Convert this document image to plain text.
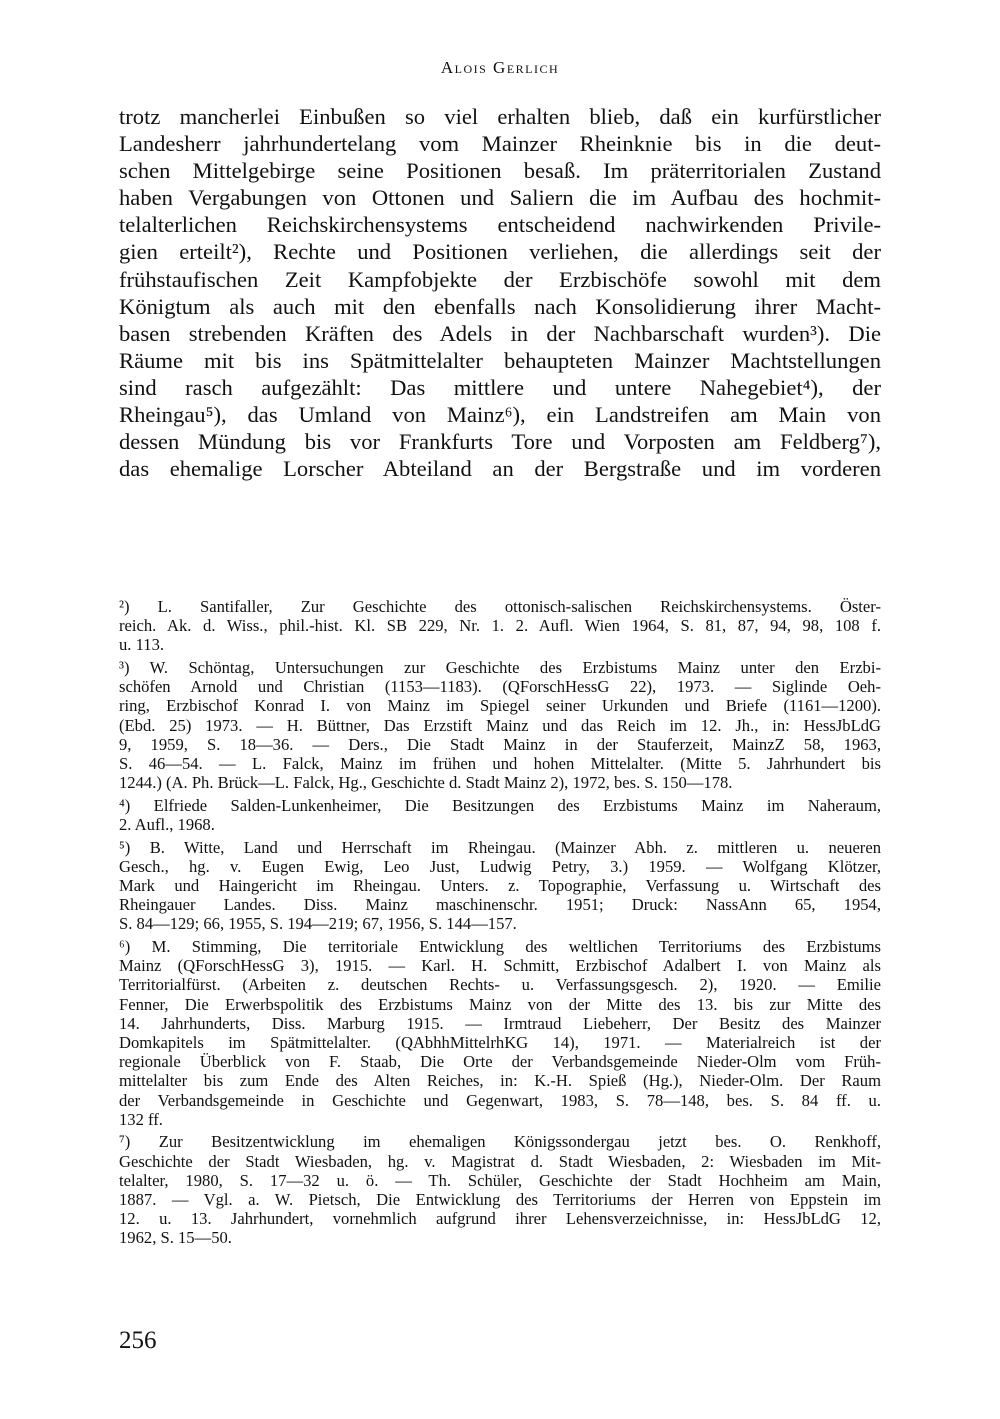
Alois Gerlich
trotz mancherlei Einbußen so viel erhalten blieb, daß ein kurfürstlicher
Landesherr jahrhundertelang vom Mainzer Rheinknie bis in die deut-
schen Mittelgebirge seine Positionen besaß. Im präterritorialen Zustand
haben Vergabungen von Ottonen und Saliern die im Aufbau des hochmit-
telalterlichen Reichskirchensystems entscheidend nachwirkenden Privile-
gien erteilt²), Rechte und Positionen verliehen, die allerdings seit der
frühstaufischen Zeit Kampfobjekte der Erzbischöfe sowohl mit dem
Königtum als auch mit den ebenfalls nach Konsolidierung ihrer Macht-
basen strebenden Kräften des Adels in der Nachbarschaft wurden³). Die
Räume mit bis ins Spätmittelalter behaupteten Mainzer Machtstellungen
sind rasch aufgezählt: Das mittlere und untere Nahegebiet⁴), der
Rheingau⁵), das Umland von Mainz⁶), ein Landstreifen am Main von
dessen Mündung bis vor Frankfurts Tore und Vorposten am Feldberg⁷),
das ehemalige Lorscher Abteiland an der Bergstraße und im vorderen
²) L. Santifaller, Zur Geschichte des ottonisch-salischen Reichskirchensystems. Öster-
reich. Ak. d. Wiss., phil.-hist. Kl. SB 229, Nr. 1. 2. Aufl. Wien 1964, S. 81, 87, 94, 98, 108 f.
u. 113.
³) W. Schöntag, Untersuchungen zur Geschichte des Erzbistums Mainz unter den Erzbi-
schöfen Arnold und Christian (1153—1183). (QForschHessG 22), 1973. — Siglinde Oeh-
ring, Erzbischof Konrad I. von Mainz im Spiegel seiner Urkunden und Briefe (1161—1200).
(Ebd. 25) 1973. — H. Büttner, Das Erzstift Mainz und das Reich im 12. Jh., in: HessJbLdG
9, 1959, S. 18—36. — Ders., Die Stadt Mainz in der Stauferzeit, MainzZ 58, 1963,
S. 46—54. — L. Falck, Mainz im frühen und hohen Mittelalter. (Mitte 5. Jahrhundert bis
1244.) (A. Ph. Brück—L. Falck, Hg., Geschichte d. Stadt Mainz 2), 1972, bes. S. 150—178.
⁴) Elfriede Salden-Lunkenheimer, Die Besitzungen des Erzbistums Mainz im Naheraum,
2. Aufl., 1968.
⁵) B. Witte, Land und Herrschaft im Rheingau. (Mainzer Abh. z. mittleren u. neueren
Gesch., hg. v. Eugen Ewig, Leo Just, Ludwig Petry, 3.) 1959. — Wolfgang Klötzer,
Mark und Haingericht im Rheingau. Unters. z. Topographie, Verfassung u. Wirtschaft des
Rheingauer Landes. Diss. Mainz maschinenschr. 1951; Druck: NassAnn 65, 1954,
S. 84—129; 66, 1955, S. 194—219; 67, 1956, S. 144—157.
⁶) M. Stimming, Die territoriale Entwicklung des weltlichen Territoriums des Erzbistums
Mainz (QForschHessG 3), 1915. — Karl. H. Schmitt, Erzbischof Adalbert I. von Mainz als
Territorialfürst. (Arbeiten z. deutschen Rechts- u. Verfassungsgesch. 2), 1920. — Emilie
Fenner, Die Erwerbspolitik des Erzbistums Mainz von der Mitte des 13. bis zur Mitte des
14. Jahrhunderts, Diss. Marburg 1915. — Irmtraud Liebeherr, Der Besitz des Mainzer
Domkapitels im Spätmittelalter. (QAbhhMittelrhKG 14), 1971. — Materialreich ist der
regionale Überblick von F. Staab, Die Orte der Verbandsgemeinde Nieder-Olm vom Früh-
mittelalter bis zum Ende des Alten Reiches, in: K.-H. Spieß (Hg.), Nieder-Olm. Der Raum
der Verbandsgemeinde in Geschichte und Gegenwart, 1983, S. 78—148, bes. S. 84 ff. u.
132 ff.
⁷) Zur Besitzentwicklung im ehemaligen Königssondergau jetzt bes. O. Renkhoff,
Geschichte der Stadt Wiesbaden, hg. v. Magistrat d. Stadt Wiesbaden, 2: Wiesbaden im Mit-
telalter, 1980, S. 17—32 u. ö. — Th. Schüler, Geschichte der Stadt Hochheim am Main,
1887. — Vgl. a. W. Pietsch, Die Entwicklung des Territoriums der Herren von Eppstein im
12. u. 13. Jahrhundert, vornehmlich aufgrund ihrer Lehensverzeichnisse, in: HessJbLdG 12,
1962, S. 15—50.
256
